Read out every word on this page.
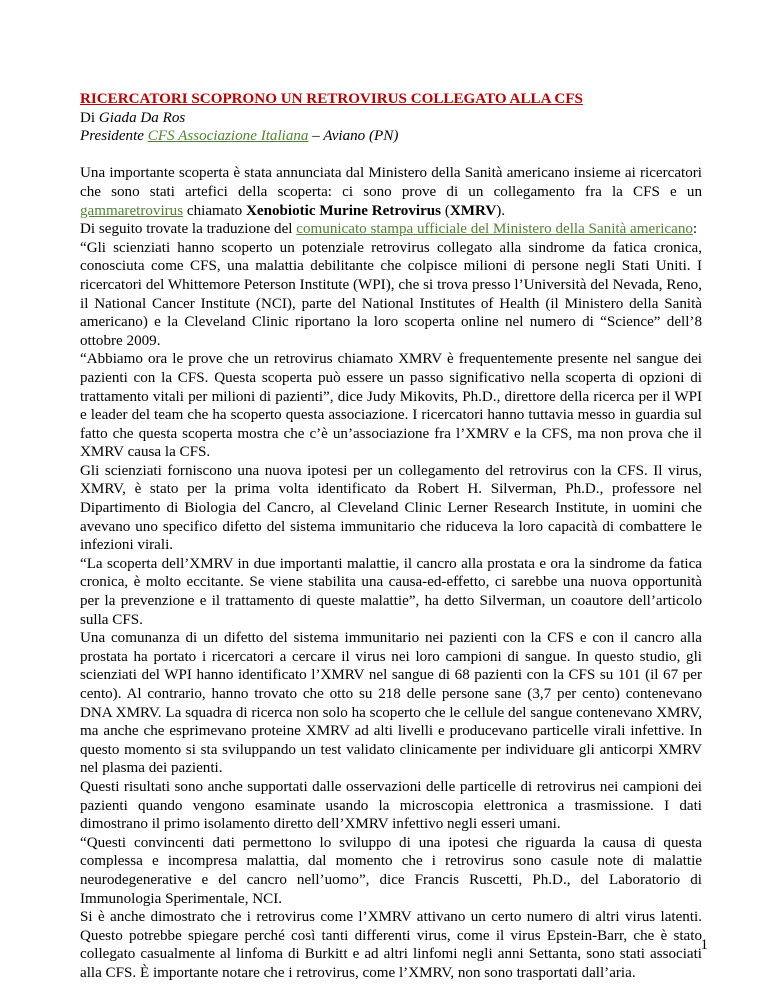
RICERCATORI SCOPRONO UN RETROVIRUS COLLEGATO ALLA CFS
Di Giada Da Ros
Presidente CFS Associazione Italiana – Aviano (PN)

Una importante scoperta è stata annunciata dal Ministero della Sanità americano insieme ai ricercatori che sono stati artefici della scoperta: ci sono prove di un collegamento fra la CFS e un gammaretrovirus chiamato Xenobiotic Murine Retrovirus (XMRV).

Di seguito trovate la traduzione del comunicato stampa ufficiale del Ministero della Sanità americano:

“Gli scienziati hanno scoperto un potenziale retrovirus collegato alla sindrome da fatica cronica, conosciuta come CFS, una malattia debilitante che colpisce milioni di persone negli Stati Uniti. I ricercatori del Whittemore Peterson Institute (WPI), che si trova presso l’Università del Nevada, Reno, il National Cancer Institute (NCI), parte del National Institutes of Health (il Ministero della Sanità americano) e la Cleveland Clinic riportano la loro scoperta online nel numero di “Science” dell’8 ottobre 2009.

“Abbiamo ora le prove che un retrovirus chiamato XMRV è frequentemente presente nel sangue dei pazienti con la CFS. Questa scoperta può essere un passo significativo nella scoperta di opzioni di trattamento vitali per milioni di pazienti”, dice Judy Mikovits, Ph.D., direttore della ricerca per il WPI e leader del team che ha scoperto questa associazione. I ricercatori hanno tuttavia messo in guardia sul fatto che questa scoperta mostra che c’è un’associazione fra l’XMRV e la CFS, ma non prova che il XMRV causa la CFS.

Gli scienziati forniscono una nuova ipotesi per un collegamento del retrovirus con la CFS. Il virus, XMRV, è stato per la prima volta identificato da Robert H. Silverman, Ph.D., professore nel Dipartimento di Biologia del Cancro, al Cleveland Clinic Lerner Research Institute, in uomini che avevano uno specifico difetto del sistema immunitario che riduceva la loro capacità di combattere le infezioni virali.

“La scoperta dell’XMRV in due importanti malattie, il cancro alla prostata e ora la sindrome da fatica cronica, è molto eccitante. Se viene stabilita una causa-ed-effetto, ci sarebbe una nuova opportunità per la prevenzione e il trattamento di queste malattie”, ha detto Silverman, un coautore dell’articolo sulla CFS.

Una comunanza di un difetto del sistema immunitario nei pazienti con la CFS e con il cancro alla prostata ha portato i ricercatori a cercare il virus nei loro campioni di sangue. In questo studio, gli scienziati del WPI hanno identificato l’XMRV nel sangue di 68 pazienti con la CFS su 101 (il 67 per cento). Al contrario, hanno trovato che otto su 218 delle persone sane (3,7 per cento) contenevano DNA XMRV. La squadra di ricerca non solo ha scoperto che le cellule del sangue contenevano XMRV, ma anche che esprimevano proteine XMRV ad alti livelli e producevano particelle virali infettive. In questo momento si sta sviluppando un test validato clinicamente per individuare gli anticorpi XMRV nel plasma dei pazienti.

Questi risultati sono anche supportati dalle osservazioni delle particelle di retrovirus nei campioni dei pazienti quando vengono esaminate usando la microscopia elettronica a trasmissione. I dati dimostrano il primo isolamento diretto dell’XMRV infettivo negli esseri umani.

“Questi convincenti dati permettono lo sviluppo di una ipotesi che riguarda la causa di questa complessa e incompresa malattia, dal momento che i retrovirus sono casule note di malattie neurodegenerative e del cancro nell’uomo”, dice Francis Ruscetti, Ph.D., del Laboratorio di Immunologia Sperimentale, NCI.

Si è anche dimostrato che i retrovirus come l’XMRV attivano un certo numero di altri virus latenti. Questo potrebbe spiegare perché così tanti differenti virus, come il virus Epstein-Barr, che è stato collegato casualmente al linfoma di Burkitt e ad altri linfomi negli anni Settanta, sono stati associati alla CFS. È importante notare che i retrovirus, come l’XMRV, non sono trasportati dall’aria.

1
